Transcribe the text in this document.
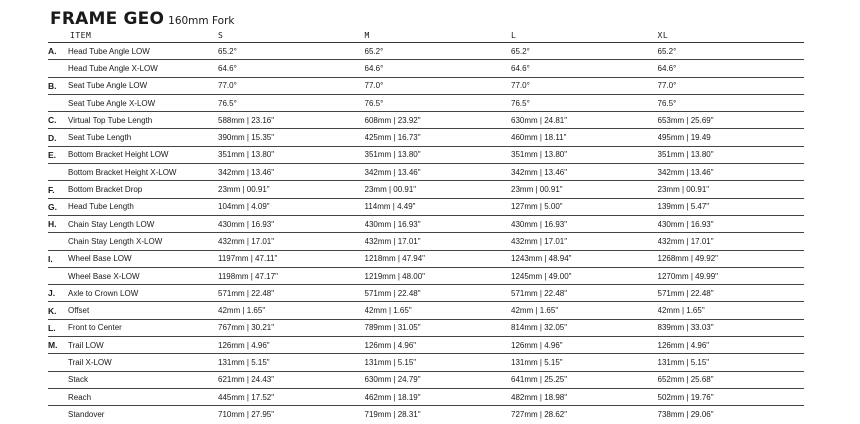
FRAME GEO 160mm Fork
	ITEM	S	M	L	XL
A.	Head Tube Angle LOW	65.2°	65.2°	65.2°	65.2°
	Head Tube Angle X-LOW	64.6°	64.6°	64.6°	64.6°
B.	Seat Tube Angle LOW	77.0°	77.0°	77.0°	77.0°
	Seat Tube Angle X-LOW	76.5°	76.5°	76.5°	76.5°
C.	Virtual Top Tube Length	588mm | 23.16"	608mm | 23.92"	630mm | 24.81"	653mm | 25.69"
D.	Seat Tube Length	390mm | 15.35"	425mm | 16.73"	460mm | 18.11"	495mm | 19.49
E.	Bottom Bracket Height LOW	351mm | 13.80"	351mm | 13.80"	351mm | 13.80"	351mm | 13.80"
	Bottom Bracket Height X-LOW	342mm | 13.46"	342mm | 13.46"	342mm | 13.46"	342mm | 13.46"
F.	Bottom Bracket Drop	23mm | 00.91"	23mm | 00.91"	23mm | 00.91"	23mm | 00.91"
G.	Head Tube Length	104mm | 4.09"	114mm | 4.49"	127mm | 5.00"	139mm | 5.47"
H.	Chain Stay Length LOW	430mm | 16.93"	430mm | 16.93"	430mm | 16.93"	430mm | 16.93"
	Chain Stay Length X-LOW	432mm | 17.01"	432mm | 17.01"	432mm | 17.01"	432mm | 17.01"
I.	Wheel Base LOW	1197mm | 47.11"	1218mm | 47.94"	1243mm | 48.94"	1268mm | 49.92"
	Wheel Base X-LOW	1198mm | 47.17"	1219mm | 48.00"	1245mm | 49.00"	1270mm | 49.99"
J.	Axle to Crown LOW	571mm | 22.48"	571mm | 22.48"	571mm | 22.48"	571mm | 22.48"
K.	Offset	42mm | 1.65"	42mm | 1.65"	42mm | 1.65"	42mm | 1.65"
L.	Front to Center	767mm | 30.21"	789mm | 31.05"	814mm | 32.05"	839mm | 33.03"
M.	Trail LOW	126mm | 4.96"	126mm | 4.96"	126mm | 4.96"	126mm | 4.96"
	Trail X-LOW	131mm | 5.15"	131mm | 5.15"	131mm | 5.15"	131mm | 5.15"
	Stack	621mm | 24.43"	630mm | 24.79"	641mm | 25.25"	652mm | 25.68"
	Reach	445mm | 17.52"	462mm | 18.19"	482mm | 18.98"	502mm | 19.76"
	Standover	710mm | 27.95"	719mm | 28.31"	727mm | 28.62"	738mm | 29.06"
